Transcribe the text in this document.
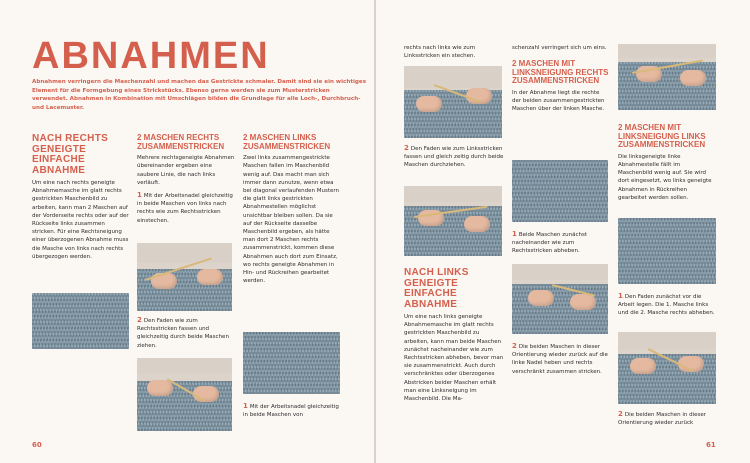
ABNAHMEN

Abnahmen verringern die Maschenzahl und machen das Gestrickte schmaler. Damit sind sie ein wichtiges Element für die Formgebung eines Strickstücks. Ebenso gerne werden sie zum Musterstricken verwendet. Abnahmen in Kombination mit Umschlägen bilden die Grundlage für alle Loch-, Durchbruch- und Lacemuster.

NACH RECHTS GENEIGTE EINFACHE ABNAHME

Um eine nach rechts geneigte Abnahmemasche im glatt rechts gestrickten Maschenbild zu arbeiten, kann man 2 Maschen auf der Vorderseite rechts oder auf der Rückseite links zusammen stricken. Für eine Rechtsneigung einer überzogenen Abnahme muss die Masche von links nach rechts übergezogen werden.

2 MASCHEN RECHTS ZUSAMMENSTRICKEN

Mehrere rechtsgeneigte Abnahmen übereinander ergeben eine saubere Linie, die nach links verläuft.

1 Mit der Arbeitsnadel gleichzeitig in beide Maschen von links nach rechts wie zum Rechtsstricken einstechen.

2 Den Faden wie zum Rechtsstricken fassen und gleichzeitig durch beide Maschen ziehen.

2 MASCHEN LINKS ZUSAMMENSTRICKEN

Zwei links zusammengestrickte Maschen fallen im Maschenbild wenig auf. Das macht man sich immer dann zunutze, wenn etwa bei diagonal verlaufenden Mustern die glatt links gestrickten Abnahmestellen möglichst unsichtbar bleiben sollen. Da sie auf der Rückseite dasselbe Maschenbild ergeben, als hätte man dort 2 Maschen rechts zusammenstrickt, kommen diese Abnahmen auch dort zum Einsatz, wo rechts geneigte Abnahmen in Hin- und Rückreihen gearbeitet werden.

1 Mit der Arbeitsnadel gleichzeitig in beide Maschen von

60

rechts nach links wie zum Linksstricken ein stechen.

2 Den Faden wie zum Linksstricken fassen und gleich zeitig durch beide Maschen durchziehen.

NACH LINKS GENEIGTE EINFACHE ABNAHME

Um eine nach links geneigte Abnahmemasche im glatt rechts gestrickten Maschenbild zu arbeiten, kann man beide Maschen zunächst nacheinander wie zum Rechtsstricken abheben, bevor man sie zusammenstrickt. Auch durch verschränktes oder überzogenes Abstricken beider Maschen erhält man eine Linksneigung im Maschenbild. Die Ma-

schenzahl verringert sich um eins.

2 MASCHEN MIT LINKSNEIGUNG RECHTS ZUSAMMENSTRICKEN

In der Abnahme liegt die rechte der beiden zusammengestrickten Maschen über der linken Masche.

1 Beide Maschen zunächst nacheinander wie zum Rechtsstricken abheben.

2 Die beiden Maschen in dieser Orientierung wieder zurück auf die linke Nadel heben und rechts verschränkt zusammen stricken.

2 MASCHEN MIT LINKSNEIGUNG LINKS ZUSAMMENSTRICKEN

Die linksgeneigte linke Abnahmestelle fällt im Maschenbild wenig auf. Sie wird dort eingesetzt, wo links geneigte Abnahmen in Rückreihen gearbeitet werden sollen.

1 Den Faden zunächst vor die Arbeit legen. Die 1. Masche links und die 2. Masche rechts abheben.

2 Die beiden Maschen in dieser Orientierung wieder zurück

61
